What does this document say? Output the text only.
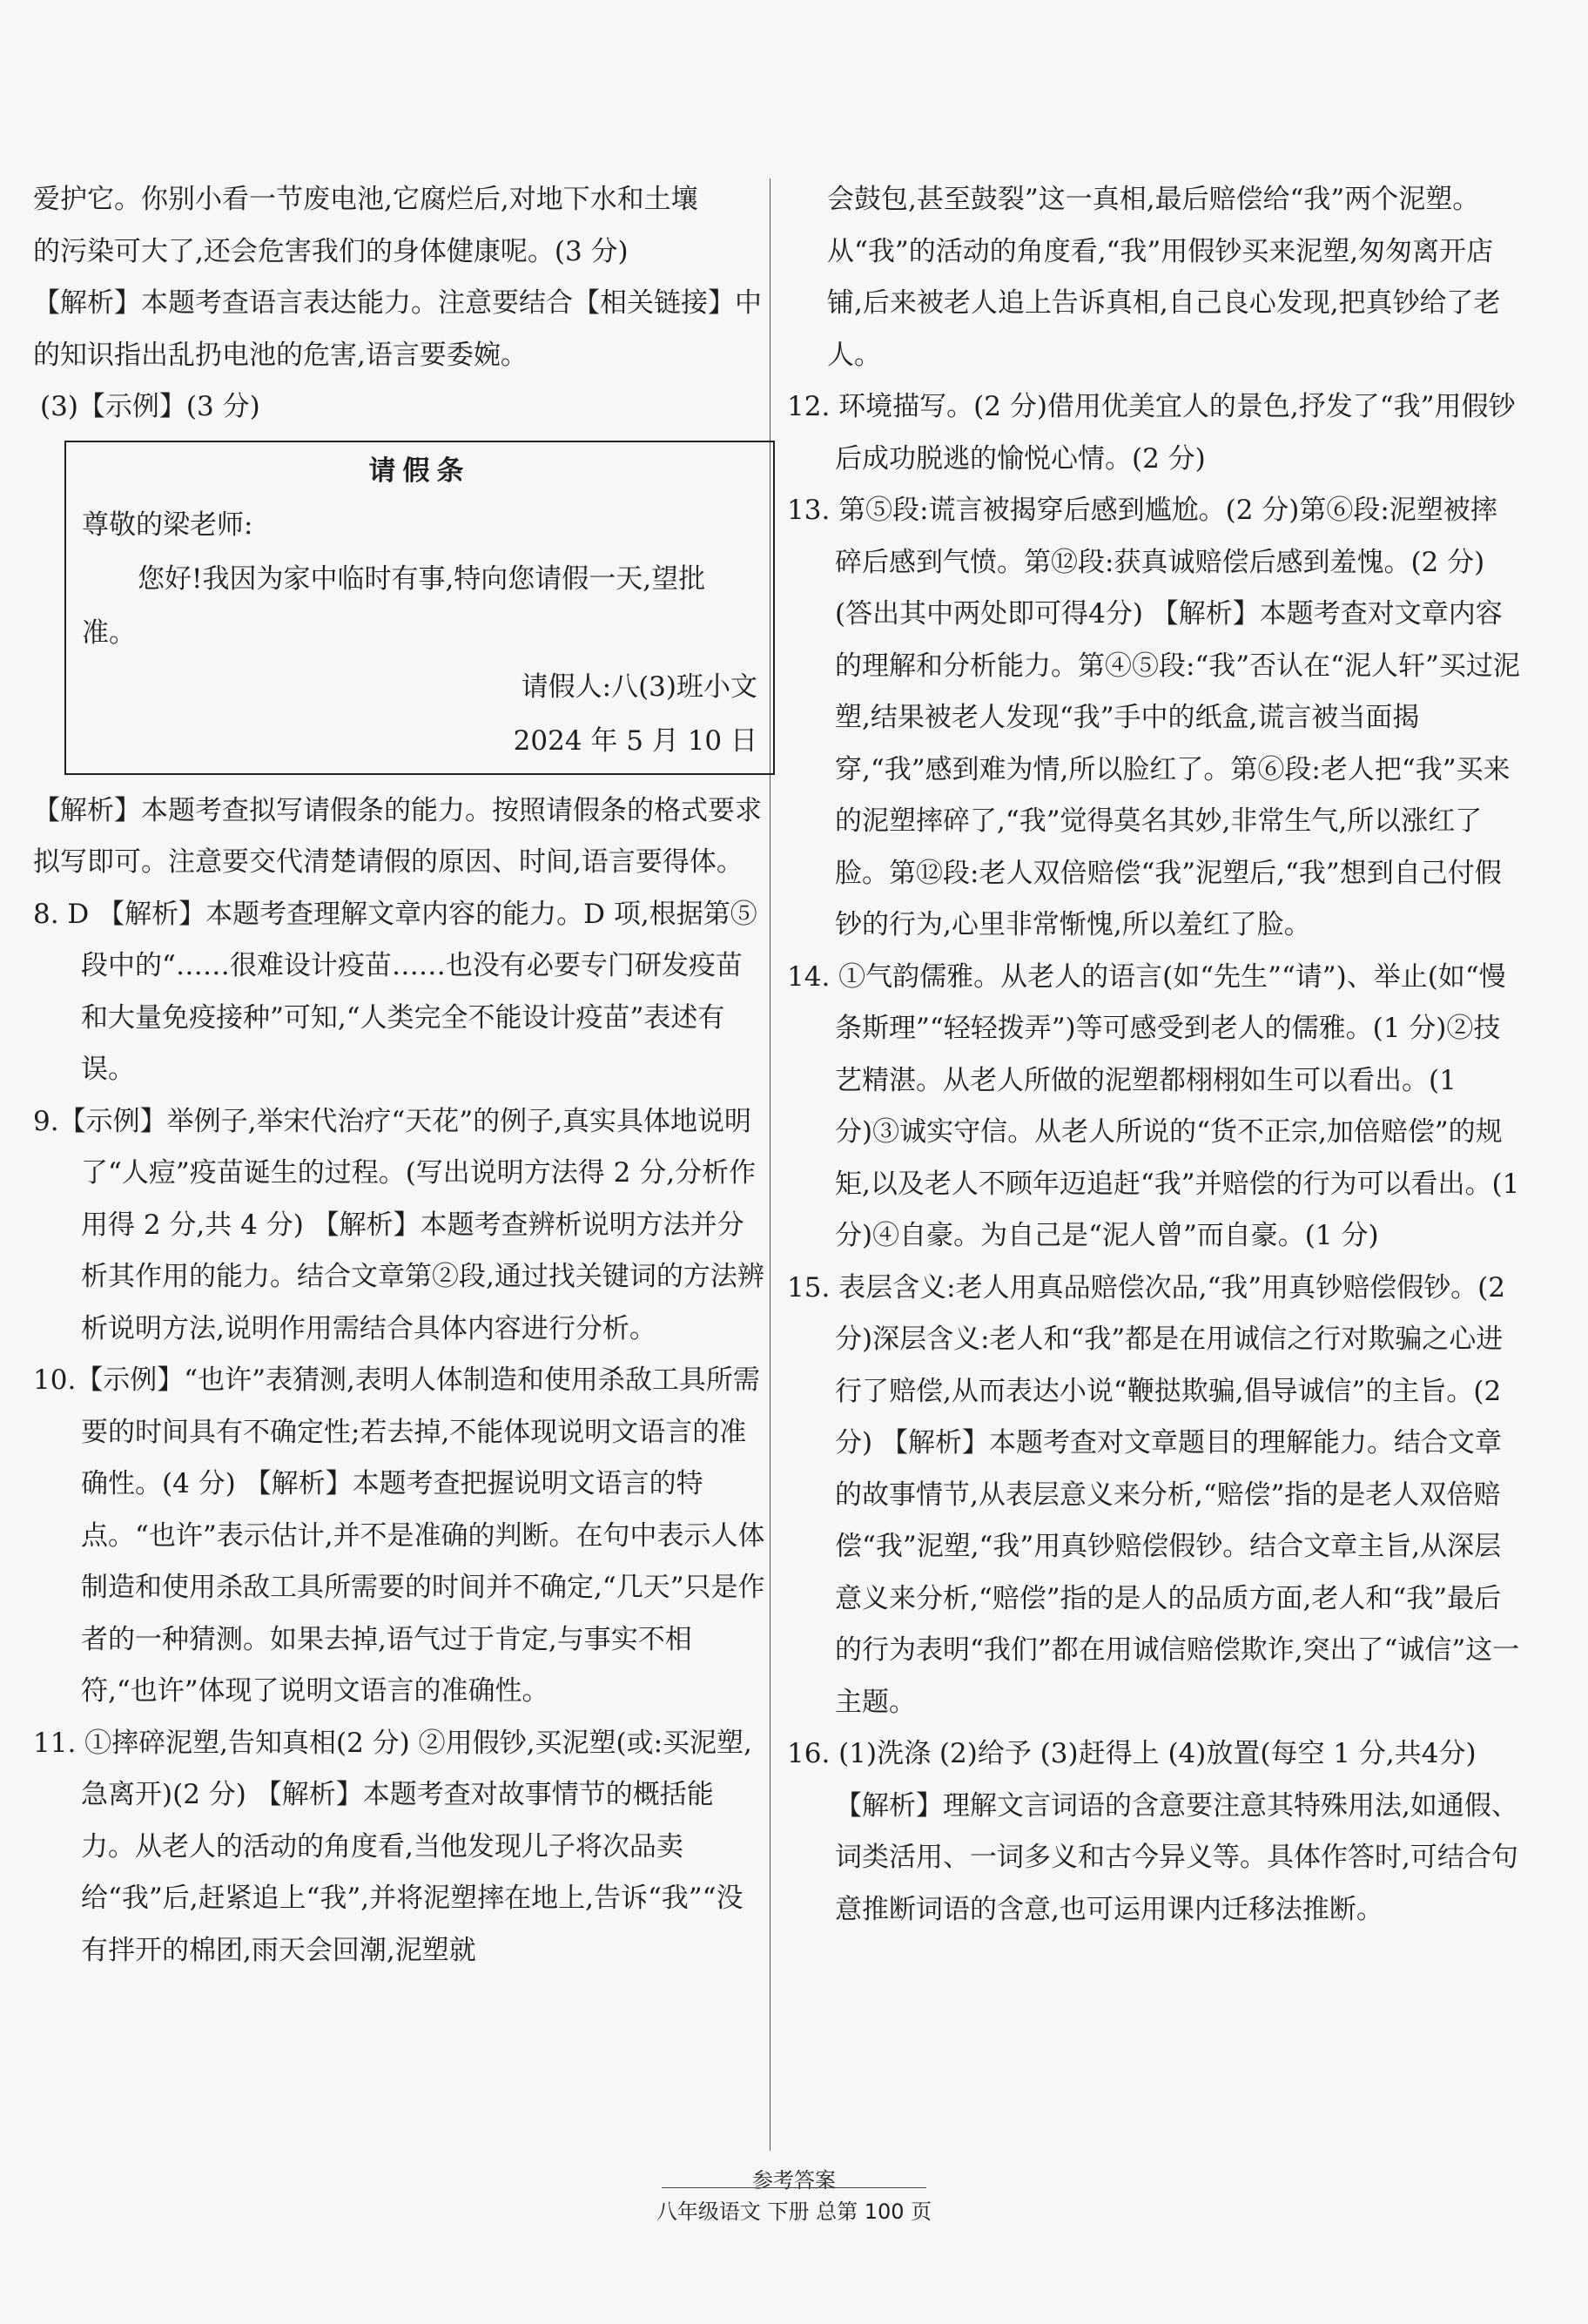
爱护它。你别小看一节废电池,它腐烂后,对地下水和土壤

的污染可大了,还会危害我们的身体健康呢。(3 分)

【解析】本题考查语言表达能力。注意要结合【相关链接】中的知识指出乱扔电池的危害,语言要委婉。

(3)【示例】(3 分)

请假条
尊敬的梁老师:
您好!我因为家中临时有事,特向您请假一天,望批准。
请假人:八(3)班小文
2024 年 5 月 10 日

【解析】本题考查拟写请假条的能力。按照请假条的格式要求拟写即可。注意要交代清楚请假的原因、时间,语言要得体。

8. D 【解析】本题考查理解文章内容的能力。D 项,根据第⑤段中的“……很难设计疫苗……也没有必要专门研发疫苗和大量免疫接种”可知,“人类完全不能设计疫苗”表述有误。

9.【示例】举例子,举宋代治疗“天花”的例子,真实具体地说明了“人痘”疫苗诞生的过程。(写出说明方法得 2 分,分析作用得 2 分,共 4 分) 【解析】本题考查辨析说明方法并分析其作用的能力。结合文章第②段,通过找关键词的方法辨析说明方法,说明作用需结合具体内容进行分析。

10.【示例】“也许”表猜测,表明人体制造和使用杀敌工具所需要的时间具有不确定性;若去掉,不能体现说明文语言的准确性。(4 分) 【解析】本题考查把握说明文语言的特点。“也许”表示估计,并不是准确的判断。在句中表示人体制造和使用杀敌工具所需要的时间并不确定,“几天”只是作者的一种猜测。如果去掉,语气过于肯定,与事实不相符,“也许”体现了说明文语言的准确性。

11. ①摔碎泥塑,告知真相(2 分) ②用假钞,买泥塑(或:买泥塑,急离开)(2 分) 【解析】本题考查对故事情节的概括能力。从老人的活动的角度看,当他发现儿子将次品卖给“我”后,赶紧追上“我”,并将泥塑摔在地上,告诉“我”“没有拌开的棉团,雨天会回潮,泥塑就

会鼓包,甚至鼓裂”这一真相,最后赔偿给“我”两个泥塑。从“我”的活动的角度看,“我”用假钞买来泥塑,匆匆离开店铺,后来被老人追上告诉真相,自己良心发现,把真钞给了老人。

12. 环境描写。(2 分)借用优美宜人的景色,抒发了“我”用假钞后成功脱逃的愉悦心情。(2 分)

13. 第⑤段:谎言被揭穿后感到尴尬。(2 分)第⑥段:泥塑被摔碎后感到气愤。第⑫段:获真诚赔偿后感到羞愧。(2 分)(答出其中两处即可得4分) 【解析】本题考查对文章内容的理解和分析能力。第④⑤段:“我”否认在“泥人轩”买过泥塑,结果被老人发现“我”手中的纸盒,谎言被当面揭穿,“我”感到难为情,所以脸红了。第⑥段:老人把“我”买来的泥塑摔碎了,“我”觉得莫名其妙,非常生气,所以涨红了脸。第⑫段:老人双倍赔偿“我”泥塑后,“我”想到自己付假钞的行为,心里非常惭愧,所以羞红了脸。

14. ①气韵儒雅。从老人的语言(如“先生”“请”)、举止(如“慢条斯理”“轻轻拨弄”)等可感受到老人的儒雅。(1 分)②技艺精湛。从老人所做的泥塑都栩栩如生可以看出。(1 分)③诚实守信。从老人所说的“货不正宗,加倍赔偿”的规矩,以及老人不顾年迈追赶“我”并赔偿的行为可以看出。(1 分)④自豪。为自己是“泥人曾”而自豪。(1 分)

15. 表层含义:老人用真品赔偿次品,“我”用真钞赔偿假钞。(2 分)深层含义:老人和“我”都是在用诚信之行对欺骗之心进行了赔偿,从而表达小说“鞭挞欺骗,倡导诚信”的主旨。(2 分) 【解析】本题考查对文章题目的理解能力。结合文章的故事情节,从表层意义来分析,“赔偿”指的是老人双倍赔偿“我”泥塑,“我”用真钞赔偿假钞。结合文章主旨,从深层意义来分析,“赔偿”指的是人的品质方面,老人和“我”最后的行为表明“我们”都在用诚信赔偿欺诈,突出了“诚信”这一主题。

16. (1)洗涤 (2)给予 (3)赶得上 (4)放置(每空 1 分,共4分) 【解析】理解文言词语的含意要注意其特殊用法,如通假、词类活用、一词多义和古今异义等。具体作答时,可结合句意推断词语的含意,也可运用课内迁移法推断。

参考答案
八年级语文 下册 总第 100 页
